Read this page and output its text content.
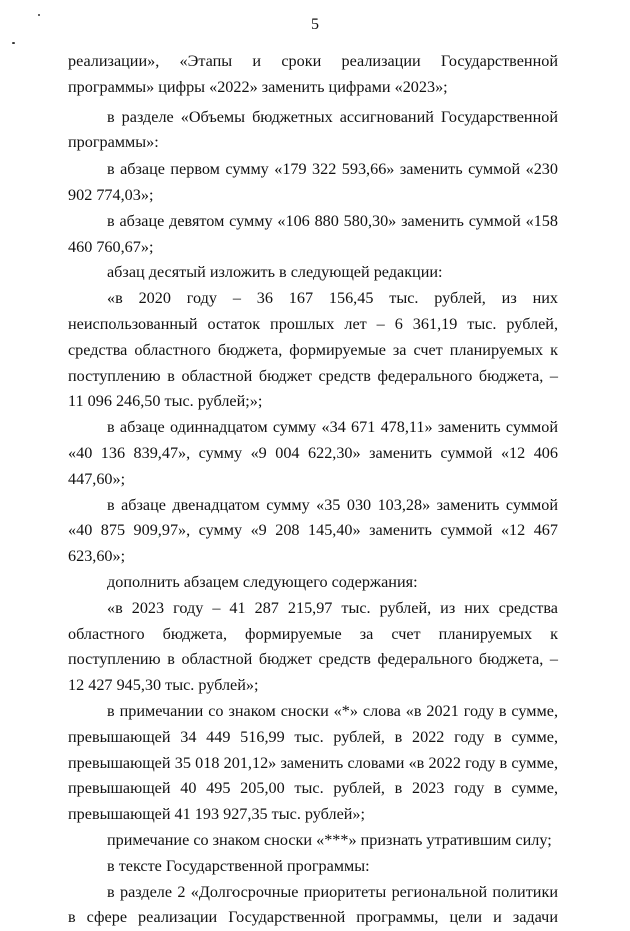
5

реализации», «Этапы и сроки реализации Государственной программы» цифры «2022» заменить цифрами «2023»;

в разделе «Объемы бюджетных ассигнований Государственной программы»:

в абзаце первом сумму «179 322 593,66» заменить суммой «230 902 774,03»;

в абзаце девятом сумму «106 880 580,30» заменить суммой «158 460 760,67»;

абзац десятый изложить в следующей редакции:

«в 2020 году – 36 167 156,45 тыс. рублей, из них неиспользованный остаток прошлых лет – 6 361,19 тыс. рублей, средства областного бюджета, формируемые за счет планируемых к поступлению в областной бюджет средств федерального бюджета, – 11 096 246,50 тыс. рублей;»;

в абзаце одиннадцатом сумму «34 671 478,11» заменить суммой «40 136 839,47», сумму «9 004 622,30» заменить суммой «12 406 447,60»;

в абзаце двенадцатом сумму «35 030 103,28» заменить суммой «40 875 909,97», сумму «9 208 145,40» заменить суммой «12 467 623,60»;

дополнить абзацем следующего содержания:

«в 2023 году – 41 287 215,97 тыс. рублей, из них средства областного бюджета, формируемые за счет планируемых к поступлению в областной бюджет средств федерального бюджета, – 12 427 945,30 тыс. рублей»;

в примечании со знаком сноски «*» слова «в 2021 году в сумме, превышающей 34 449 516,99 тыс. рублей, в 2022 году в сумме, превышающей 35 018 201,12» заменить словами «в 2022 году в сумме, превышающей 40 495 205,00 тыс. рублей, в 2023 году в сумме, превышающей 41 193 927,35 тыс. рублей»;

примечание со знаком сноски «***» признать утратившим силу;

в тексте Государственной программы:

в разделе 2 «Долгосрочные приоритеты региональной политики в сфере реализации Государственной программы, цели и задачи
